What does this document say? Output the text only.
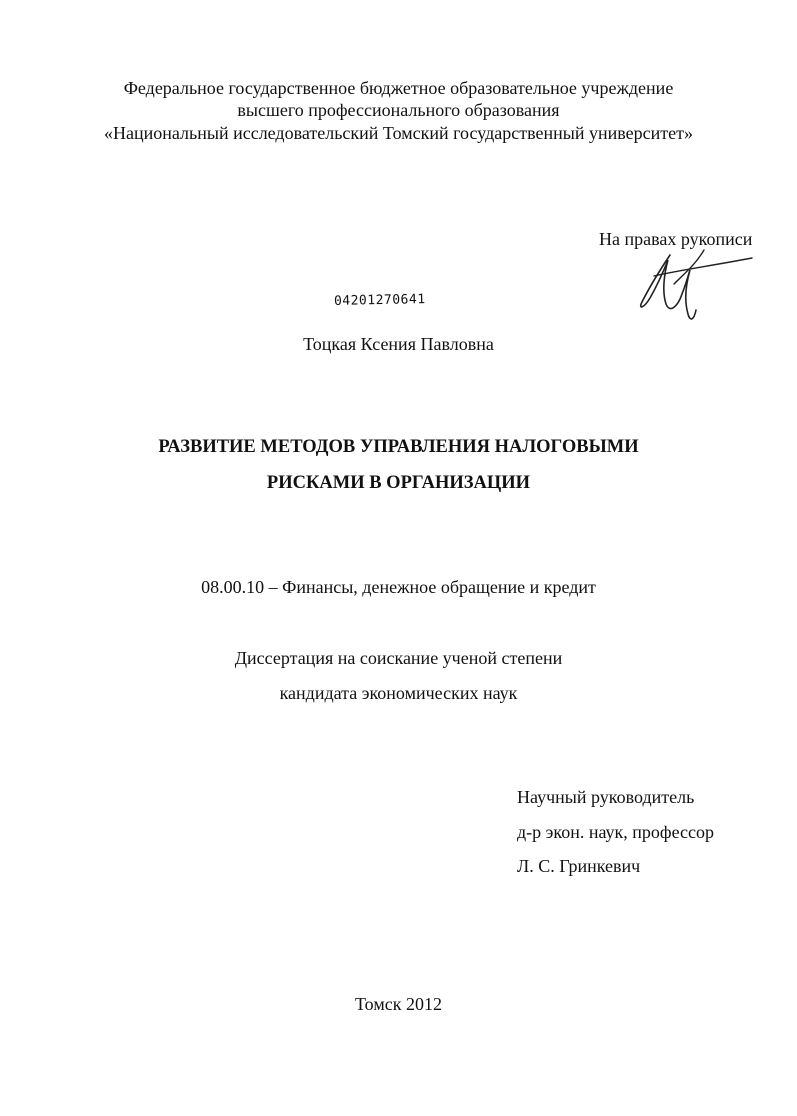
Федеральное государственное бюджетное образовательное учреждение
высшего профессионального образования
«Национальный исследовательский Томский государственный университет»
На правах рукописи
04201270641
Тоцкая Ксения Павловна
РАЗВИТИЕ МЕТОДОВ УПРАВЛЕНИЯ НАЛОГОВЫМИ
РИСКАМИ В ОРГАНИЗАЦИИ
08.00.10 – Финансы, денежное обращение и кредит
Диссертация на соискание ученой степени
кандидата экономических наук
Научный руководитель
д-р экон. наук, профессор
Л. С. Гринкевич
Томск 2012
